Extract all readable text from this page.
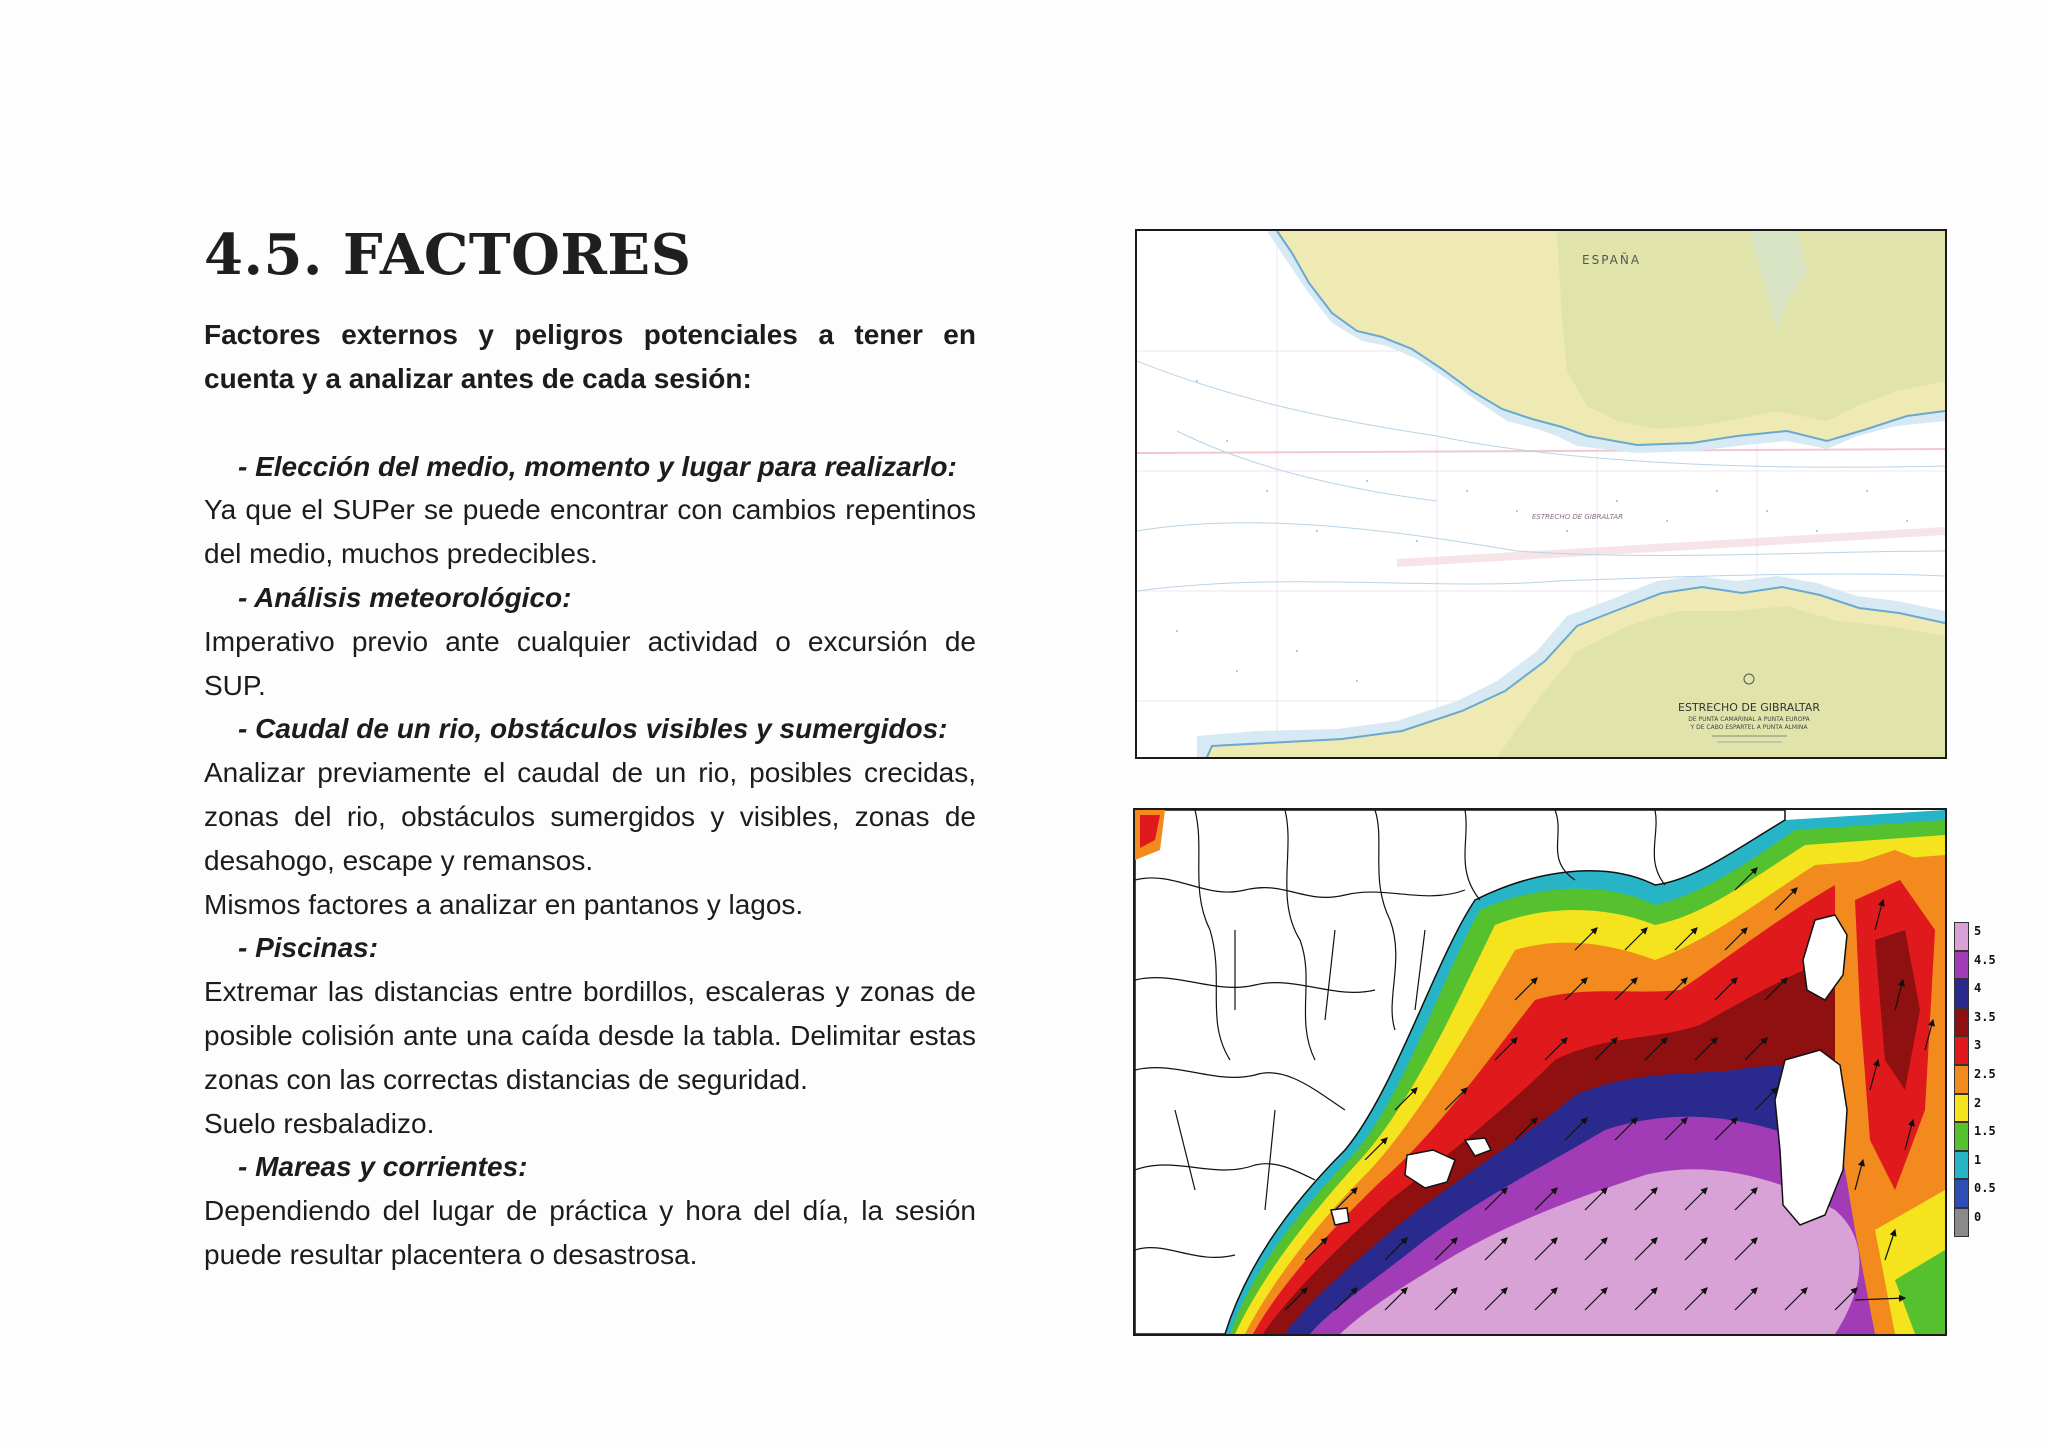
4.5. FACTORES

Factores externos y peligros potenciales a tener en cuenta y a analizar antes de cada sesión:

- Elección del medio, momento y lugar para realizarlo:

Ya que el SUPer se puede encontrar con cambios repentinos del medio, muchos predecibles.

- Análisis meteorológico:

Imperativo previo ante cualquier actividad o excursión de SUP.

- Caudal de un rio, obstáculos visibles y sumergidos:

Analizar previamente el caudal de un rio, posibles crecidas, zonas del rio, obstáculos sumergidos y visibles, zonas de desahogo, escape y remansos.

Mismos factores a analizar en pantanos y lagos.

- Piscinas:

Extremar las distancias entre bordillos, escaleras y zonas de posible colisión ante una caída desde la tabla. Delimitar estas zonas con las correctas distancias de seguridad.

Suelo resbaladizo.

- Mareas y corrientes:

Dependiendo del lugar de práctica y hora del día, la sesión puede resultar placentera o desastrosa.

ESPAÑA
ESTRECHO DE GIBRALTAR
ESTRECHO DE GIBRALTAR
DE PUNTA CAMARINAL A PUNTA EUROPA
Y DE CABO ESPARTEL A PUNTA ALMINA
5
4.5
4
3.5
3
2.5
2
1.5
1
0.5
0
